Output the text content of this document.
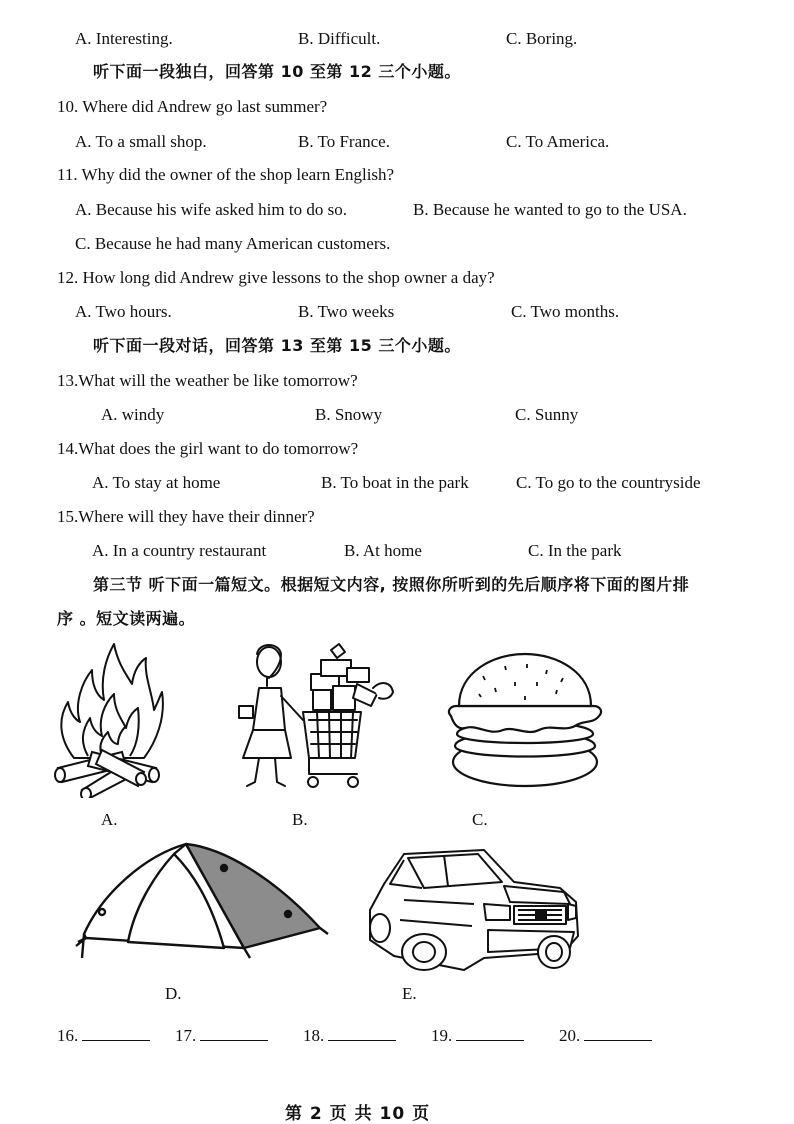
A. Interesting.	B. Difficult.	C. Boring.
听下面一段独白，回答第 10 至第 12 三个小题。
10. Where did Andrew go last summer?
A. To a small shop.	B. To France.	C. To America.
11. Why did the owner of the shop learn English?
A. Because his wife asked him to do so.	B. Because he wanted to go to the USA.
C. Because he had many American customers.
12. How long did Andrew give lessons to the shop owner a day?
A. Two hours.	B. Two weeks	C. Two months.
听下面一段对话，回答第 13 至第 15 三个小题。
13.What will the weather be like tomorrow?
A. windy	B. Snowy	C. Sunny
14.What does the girl want to do tomorrow?
A. To stay at home	B. To boat in the park	C. To go to the countryside
15.Where will they have their dinner?
A. In a country restaurant	B. At home	C. In the park
第三节 听下面一篇短文。根据短文内容, 按照你所听到的先后顺序将下面的图片排
序 。短文读两遍。
A.	B.	C.
D.	E.
16.	17.	18.	19.	20.
第 2 页 共 10 页
